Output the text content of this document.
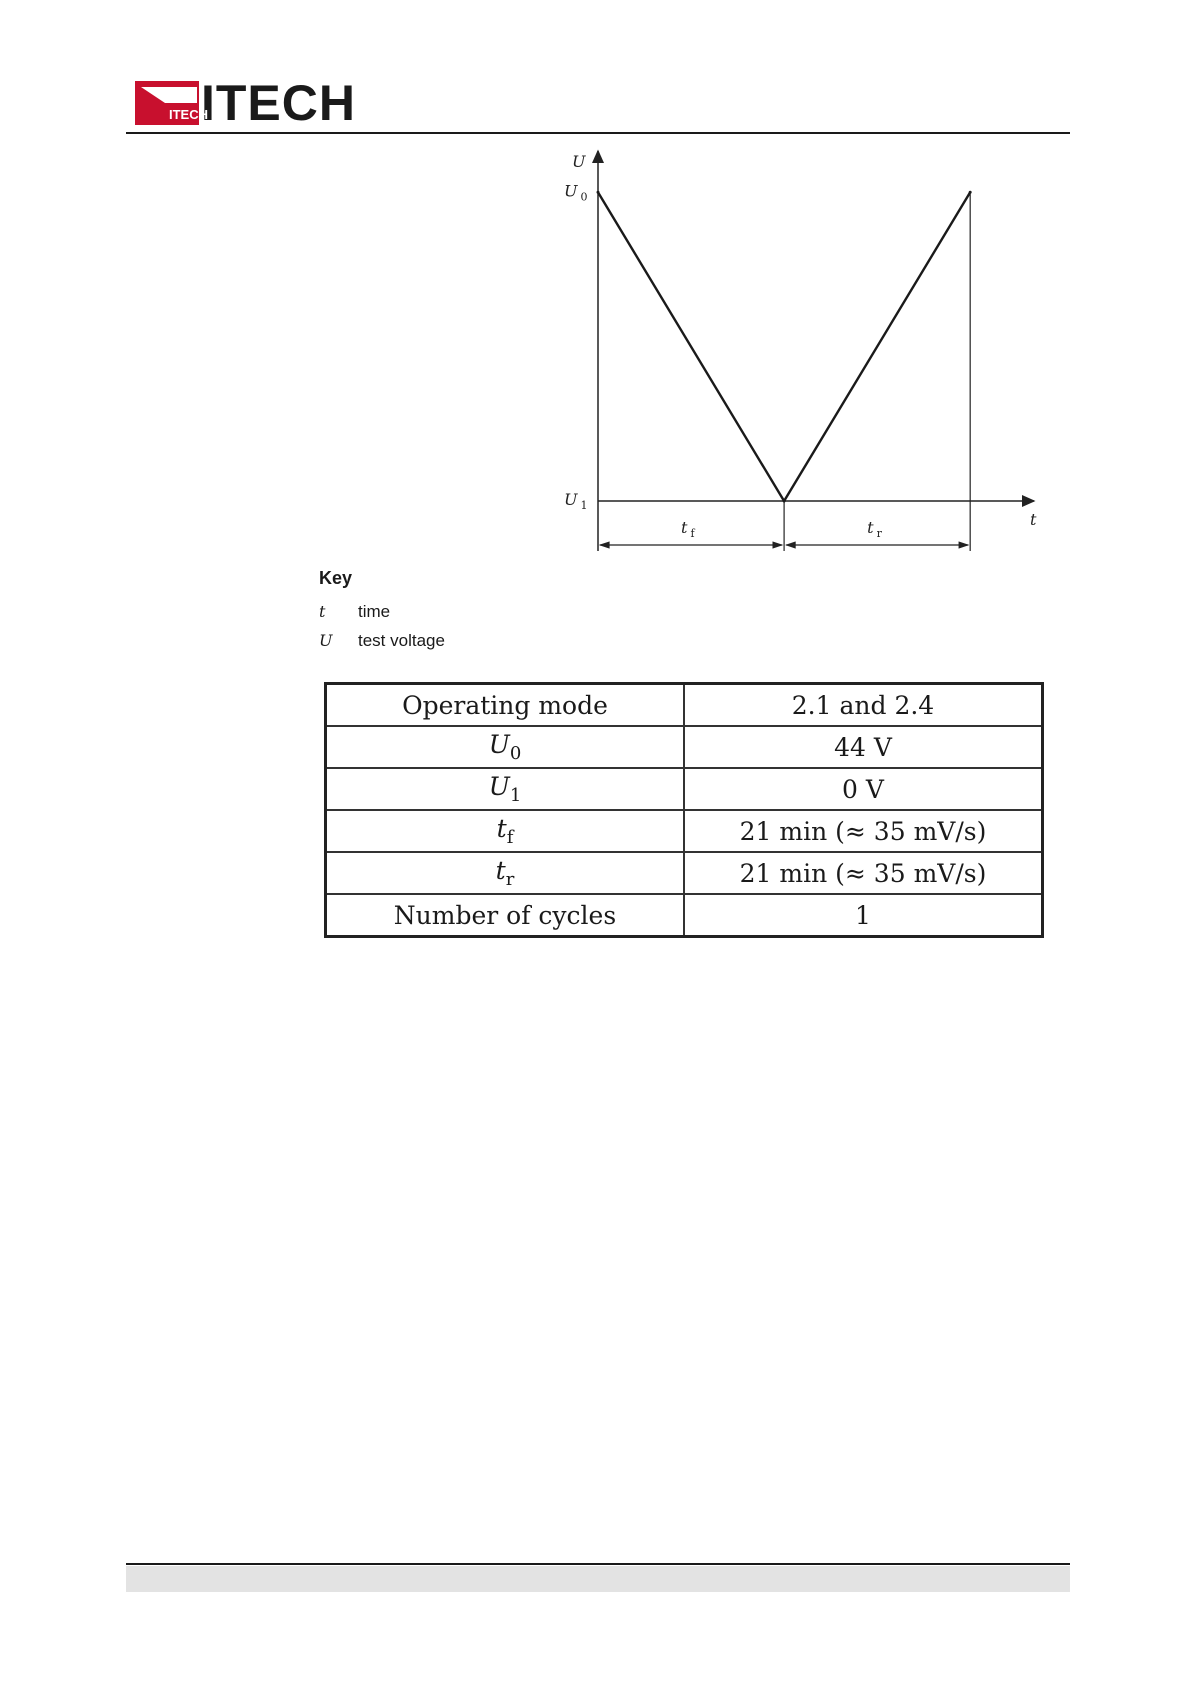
ITECH
ITECH
U
t
U $_0$
U $_1$
t $_f$	t $_r$
Key
t	time
U	test voltage
Operating mode	2.1 and 2.4
$U_0$	44 V
$U_1$	0 V
$t_f$	21 min (≈ 35 mV/s)
$t_r$	21 min (≈ 35 mV/s)
Number of cycles	1
